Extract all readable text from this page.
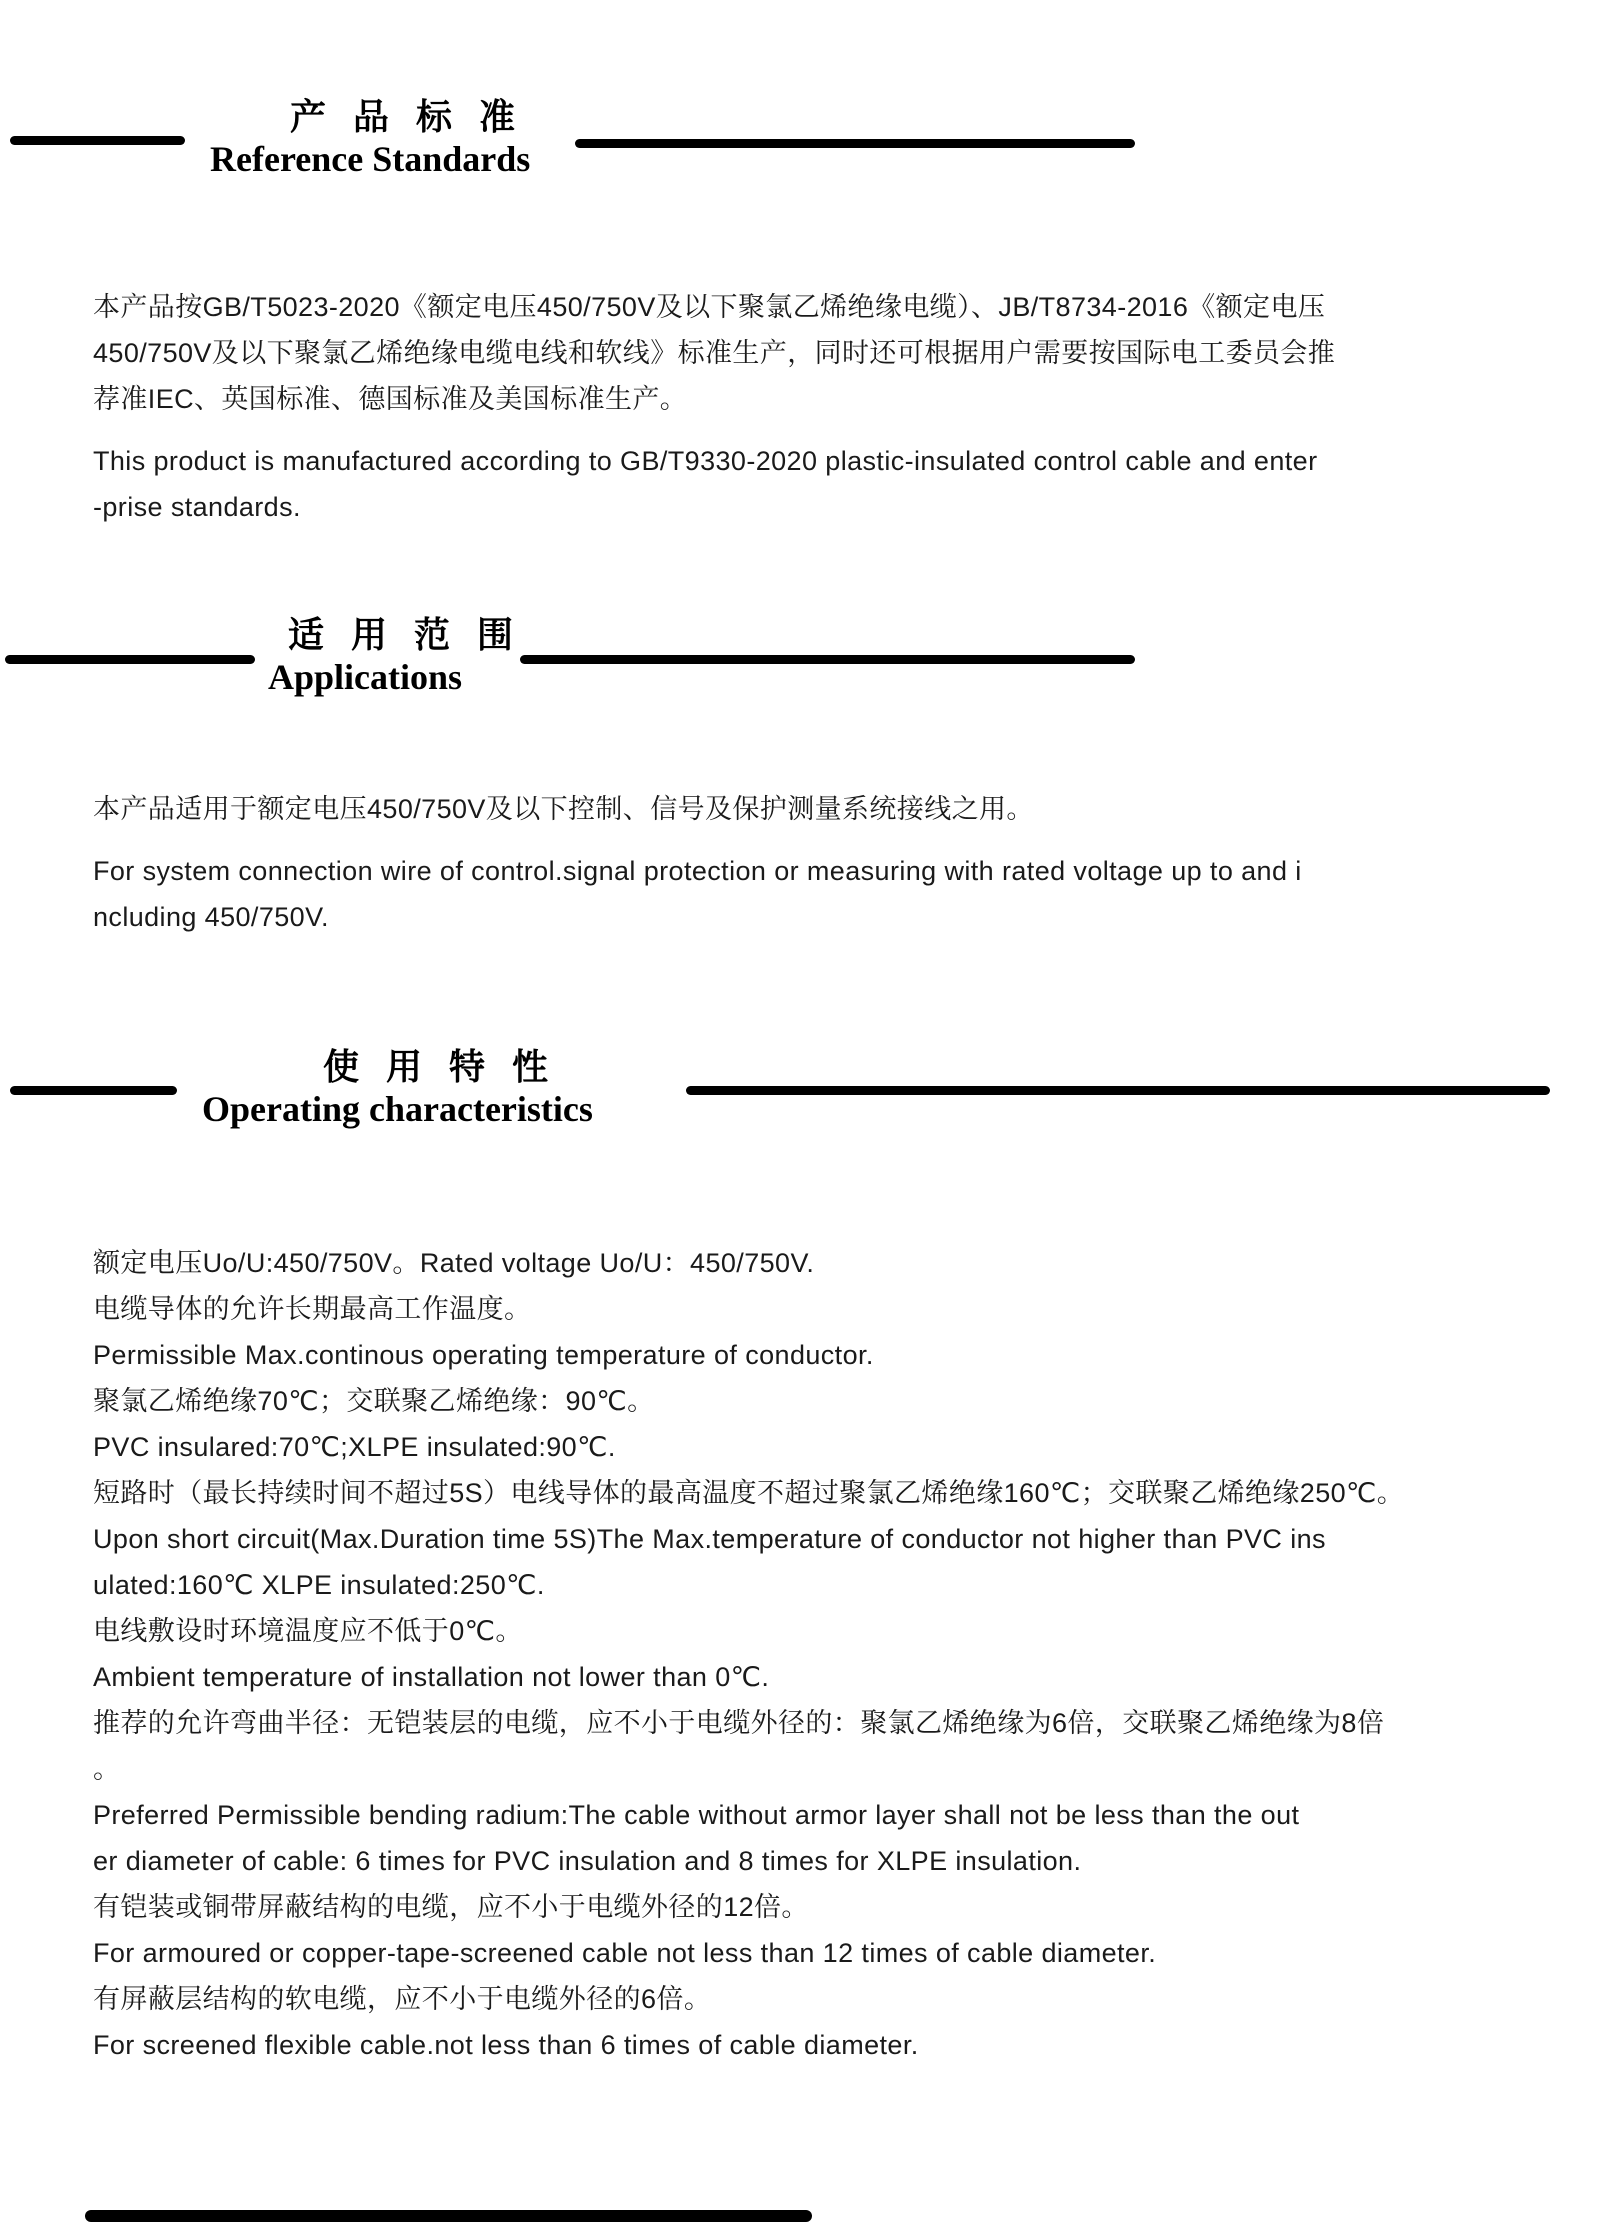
产 品 标 准
Reference Standards
本产品按GB/T5023-2020《额定电压450/750V及以下聚氯乙烯绝缘电缆）、JB/T8734-2016《额定电压
450/750V及以下聚氯乙烯绝缘电缆电线和软线》标准生产，同时还可根据用户需要按国际电工委员会推
荐准IEC、英国标准、德国标准及美国标准生产。
This product is manufactured according to GB/T9330-2020 plastic-insulated control cable and enter
-prise standards.
适 用 范 围
Applications
本产品适用于额定电压450/750V及以下控制、信号及保护测量系统接线之用。
For system connection wire of control.signal protection or measuring with rated voltage up to and i
ncluding 450/750V.
使 用 特 性
Operating characteristics
额定电压Uo/U:450/750V。Rated voltage Uo/U：450/750V.
电缆导体的允许长期最高工作温度。
Permissible Max.continous operating temperature of conductor.
聚氯乙烯绝缘70℃；交联聚乙烯绝缘：90℃。
PVC insulared:70℃;XLPE insulated:90℃.
短路时（最长持续时间不超过5S）电线导体的最高温度不超过聚氯乙烯绝缘160℃；交联聚乙烯绝缘250℃。
Upon short circuit(Max.Duration time 5S)The Max.temperature of conductor not higher than PVC ins
ulated:160℃ XLPE insulated:250℃.
电线敷设时环境温度应不低于0℃。
Ambient temperature of installation not lower than 0℃.
推荐的允许弯曲半径：无铠装层的电缆，应不小于电缆外径的：聚氯乙烯绝缘为6倍，交联聚乙烯绝缘为8倍
。
Preferred Permissible bending radium:The cable without armor layer shall not be less than the out
er diameter of cable: 6 times for PVC insulation and 8 times for XLPE insulation.
有铠装或铜带屏蔽结构的电缆，应不小于电缆外径的12倍。
For armoured or copper-tape-screened cable not less than 12 times of cable diameter.
有屏蔽层结构的软电缆，应不小于电缆外径的6倍。
For screened flexible cable.not less than 6 times of cable diameter.
